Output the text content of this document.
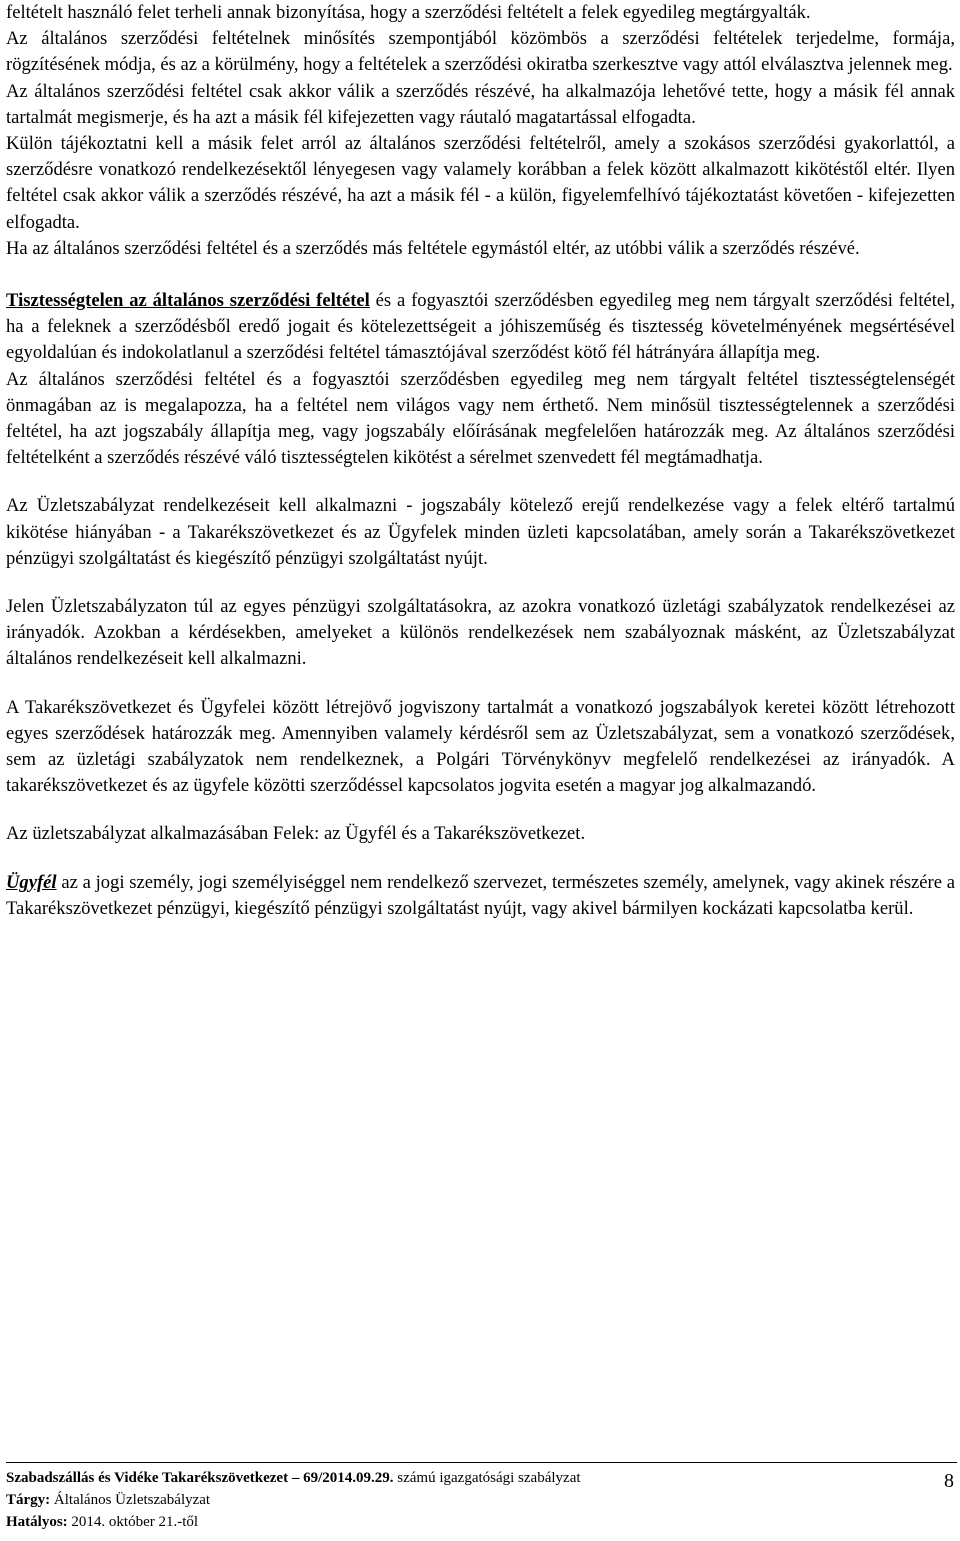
feltételt használó felet terheli annak bizonyítása, hogy a szerződési feltételt a felek egyedileg megtárgyalták.

Az általános szerződési feltételnek minősítés szempontjából közömbös a szerződési feltételek terjedelme, formája, rögzítésének módja, és az a körülmény, hogy a feltételek a szerződési okiratba szerkesztve vagy attól elválasztva jelennek meg.

Az általános szerződési feltétel csak akkor válik a szerződés részévé, ha alkalmazója lehetővé tette, hogy a másik fél annak tartalmát megismerje, és ha azt a másik fél kifejezetten vagy ráutaló magatartással elfogadta.

Külön tájékoztatni kell a másik felet arról az általános szerződési feltételről, amely a szokásos szerződési gyakorlattól, a szerződésre vonatkozó rendelkezésektől lényegesen vagy valamely korábban a felek között alkalmazott kikötéstől eltér. Ilyen feltétel csak akkor válik a szerződés részévé, ha azt a másik fél - a külön, figyelemfelhívó tájékoztatást követően - kifejezetten elfogadta.

Ha az általános szerződési feltétel és a szerződés más feltétele egymástól eltér, az utóbbi válik a szerződés részévé.

Tisztességtelen az általános szerződési feltétel és a fogyasztói szerződésben egyedileg meg nem tárgyalt szerződési feltétel, ha a feleknek a szerződésből eredő jogait és kötelezettségeit a jóhiszeműség és tisztesség követelményének megsértésével egyoldalúan és indokolatlanul a szerződési feltétel támasztójával szerződést kötő fél hátrányára állapítja meg.

Az általános szerződési feltétel és a fogyasztói szerződésben egyedileg meg nem tárgyalt feltétel tisztességtelenségét önmagában az is megalapozza, ha a feltétel nem világos vagy nem érthető. Nem minősül tisztességtelennek a szerződési feltétel, ha azt jogszabály állapítja meg, vagy jogszabály előírásának megfelelően határozzák meg. Az általános szerződési feltételként a szerződés részévé váló tisztességtelen kikötést a sérelmet szenvedett fél megtámadhatja.

Az Üzletszabályzat rendelkezéseit kell alkalmazni - jogszabály kötelező erejű rendelkezése vagy a felek eltérő tartalmú kikötése hiányában - a Takarékszövetkezet és az Ügyfelek minden üzleti kapcsolatában, amely során a Takarékszövetkezet pénzügyi szolgáltatást és kiegészítő pénzügyi szolgáltatást nyújt.

Jelen Üzletszabályzaton túl az egyes pénzügyi szolgáltatásokra, az azokra vonatkozó üzletági szabályzatok rendelkezései az irányadók. Azokban a kérdésekben, amelyeket a különös rendelkezések nem szabályoznak másként, az Üzletszabályzat általános rendelkezéseit kell alkalmazni.

A Takarékszövetkezet és Ügyfelei között létrejövő jogviszony tartalmát a vonatkozó jogszabályok keretei között létrehozott egyes szerződések határozzák meg. Amennyiben valamely kérdésről sem az Üzletszabályzat, sem a vonatkozó szerződések, sem az üzletági szabályzatok nem rendelkeznek, a Polgári Törvénykönyv megfelelő rendelkezései az irányadók. A takarékszövetkezet és az ügyfele közötti szerződéssel kapcsolatos jogvita esetén a magyar jog alkalmazandó.

Az üzletszabályzat alkalmazásában Felek: az Ügyfél és a Takarékszövetkezet.

Ügyfél az a jogi személy, jogi személyiséggel nem rendelkező szervezet, természetes személy, amelynek, vagy akinek részére a Takarékszövetkezet pénzügyi, kiegészítő pénzügyi szolgáltatást nyújt, vagy akivel bármilyen kockázati kapcsolatba kerül.

Szabadszállás és Vidéke Takarékszövetkezet – 69/2014.09.29. számú igazgatósági szabályzat
Tárgy: Általános Üzletszabályzat
Hatályos: 2014. október 21.-től
8
